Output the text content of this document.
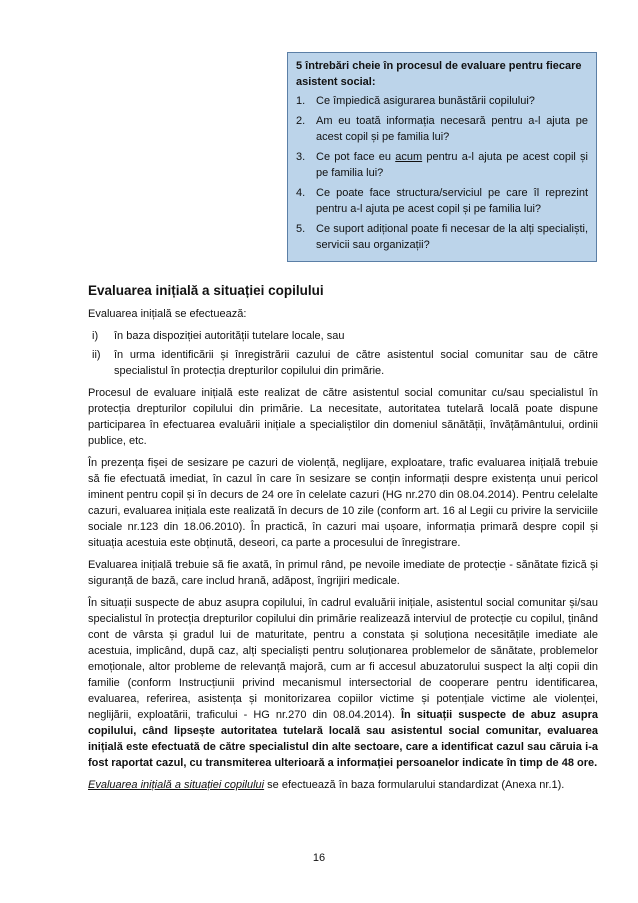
5 întrebări cheie în procesul de evaluare pentru fiecare asistent social:
1. Ce împiedică asigurarea bunăstării copilului?
2. Am eu toată informația necesară pentru a-l ajuta pe acest copil și pe familia lui?
3. Ce pot face eu acum pentru a-l ajuta pe acest copil și pe familia lui?
4. Ce poate face structura/serviciul pe care îl reprezint pentru a-l ajuta pe acest copil și pe familia lui?
5. Ce suport adițional poate fi necesar de la alți specialiști, servicii sau organizații?
Evaluarea inițială a situației copilului

Evaluarea inițială se efectuează:

i) în baza dispoziției autorității tutelare locale, sau
ii) în urma identificării și înregistrării cazului de către asistentul social comunitar sau de către specialistul în protecția drepturilor copilului din primărie.

Procesul de evaluare inițială este realizat de către asistentul social comunitar cu/sau specialistul în protecția drepturilor copilului din primărie. La necesitate, autoritatea tutelară locală poate dispune participarea în efectuarea evaluării inițiale a specialiștilor din domeniul sănătății, învățământului, ordinii publice, etc.

În prezența fișei de sesizare pe cazuri de violență, neglijare, exploatare, trafic evaluarea inițială trebuie să fie efectuată imediat, în cazul în care în sesizare se conțin informații despre existența unui pericol iminent pentru copil și în decurs de 24 ore în celelate cazuri (HG nr.270 din 08.04.2014). Pentru celelalte cazuri, evaluarea inițiala este realizată în decurs de 10 zile (conform art. 16 al Legii cu privire la serviciile sociale nr.123 din 18.06.2010). În practică, în cazuri mai ușoare, informația primară despre copil și situația acestuia este obținută, deseori, ca parte a procesului de înregistrare.

Evaluarea inițială trebuie să fie axată, în primul rând, pe nevoile imediate de protecție - sănătate fizică și siguranță de bază, care includ hrană, adăpost, îngrijiri medicale.

În situații suspecte de abuz asupra copilului, în cadrul evaluării inițiale, asistentul social comunitar și/sau specialistul în protecția drepturilor copilului din primărie realizează interviul de protecție cu copilul, ținând cont de vârsta și gradul lui de maturitate, pentru a constata și soluționa necesitățile imediate ale acestuia, implicând, după caz, alți specialiști pentru soluționarea problemelor de sănătate, problemelor emoționale, altor probleme de relevanță majoră, cum ar fi accesul abuzatorului suspect la alți copii din familie (conform Instrucțiunii privind mecanismul intersectorial de cooperare pentru identificarea, evaluarea, referirea, asistența și monitorizarea copiilor victime și potențiale victime ale violenței, neglijării, exploatării, traficului - HG nr.270 din 08.04.2014). În situații suspecte de abuz asupra copilului, când lipsește autoritatea tutelară locală sau asistentul social comunitar, evaluarea inițială este efectuată de către specialistul din alte sectoare, care a identificat cazul sau căruia i-a fost raportat cazul, cu transmiterea ulterioară a informației persoanelor indicate în timp de 48 ore.

Evaluarea inițială a situației copilului se efectuează în baza formularului standardizat (Anexa nr.1).

16
